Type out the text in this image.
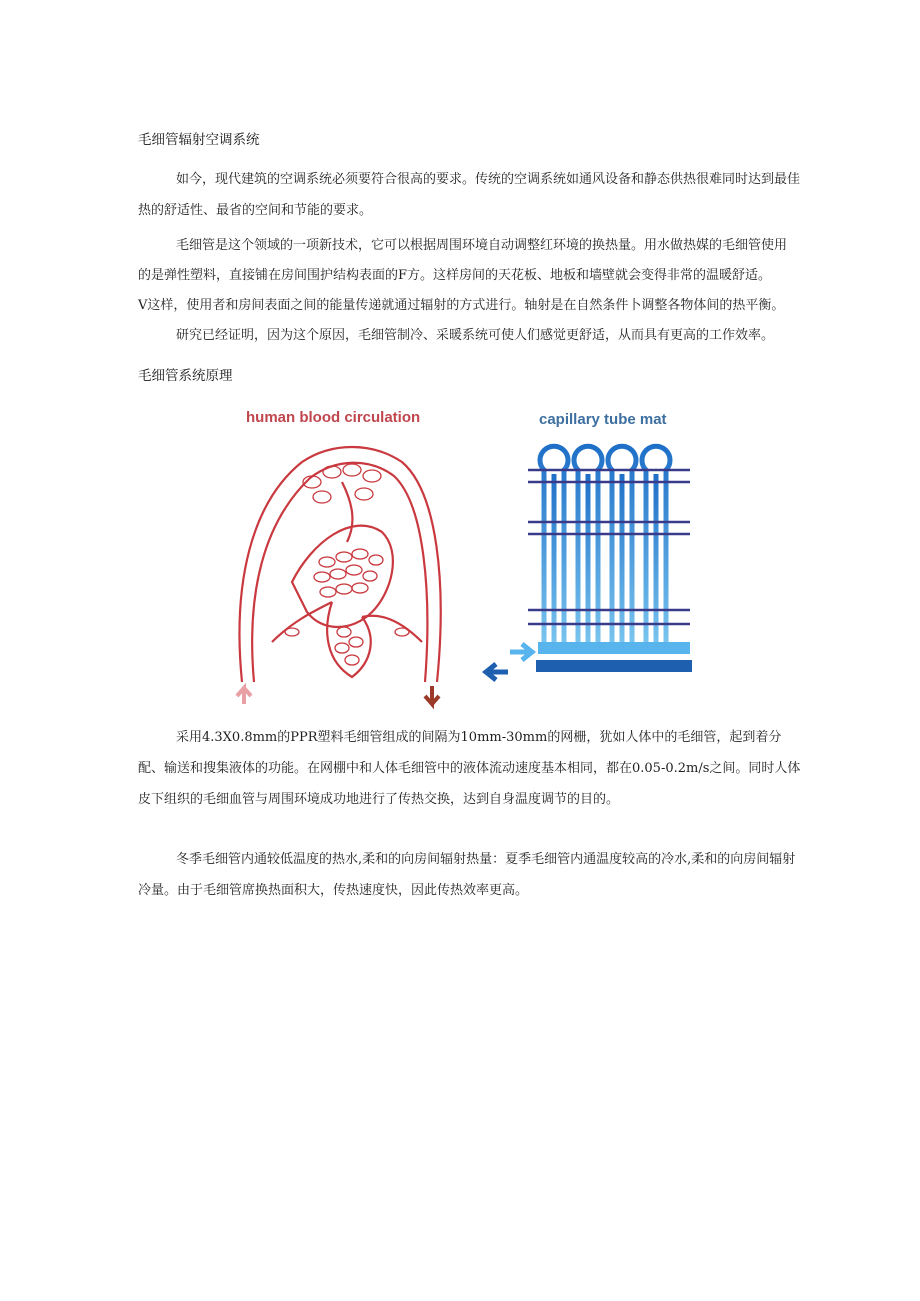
毛细管辐射空调系统
如今，现代建筑的空调系统必须要符合很高的要求。传统的空调系统如通风设备和静态供热很难同时达到最佳热的舒适性、最省的空间和节能的要求。
毛细管是这个领域的一项新技术，它可以根据周围环境自动调整红环境的换热量。用水做热媒的毛细管使用
的是弹性塑料，直接铺在房间围护结构表面的F方。这样房间的天花板、地板和墙壁就会变得非常的温暖舒适。
V这样，使用者和房间表面之间的能量传递就通过辐射的方式进行。轴射是在自然条件卜调整各物体间的热平衡。
研究已经证明，因为这个原因，毛细管制冷、采暖系统可使人们感觉更舒适，从而具有更高的工作效率。
毛细管系统原理
human blood circulation	capillary tube mat
采用4.3X0.8mm的PPR塑料毛细管组成的间隔为10mm-30mm的网栅，犹如人体中的毛细管，起到着分配、输送和搜集液体的功能。在网棚中和人体毛细管中的液体流动速度基本相同，都在0.05-0.2m/s之间。同时人体皮下组织的毛细血管与周围环境成功地进行了传热交换，达到自身温度调节的目的。
冬季毛细管内通较低温度的热水,柔和的向房间辐射热量：夏季毛细管内通温度较高的冷水,柔和的向房间辐射冷量。由于毛细管席换热面积大，传热速度快，因此传热效率更高。
